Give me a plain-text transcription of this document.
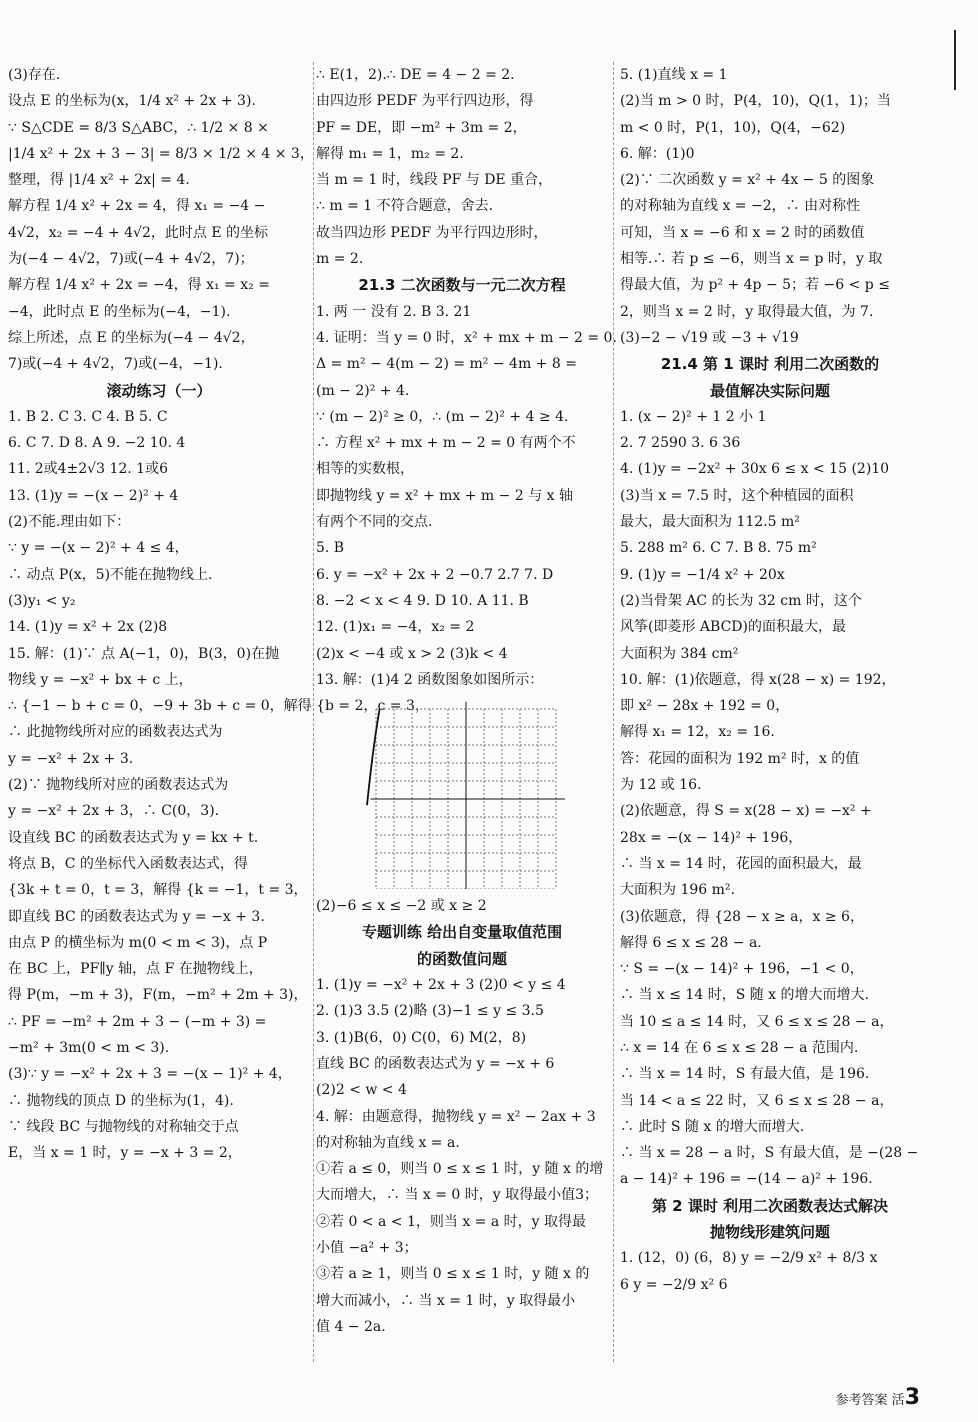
(3)存在.
设点 E 的坐标为(x，1/4 x² + 2x + 3).
∵ S△CDE = 8/3 S△ABC，∴ 1/2 × 8 ×
|1/4 x² + 2x + 3 − 3| = 8/3 × 1/2 × 4 × 3，
整理，得 |1/4 x² + 2x| = 4.
解方程 1/4 x² + 2x = 4，得 x₁ = −4 −
4√2，x₂ = −4 + 4√2，此时点 E 的坐标
为(−4 − 4√2，7)或(−4 + 4√2，7)；
解方程 1/4 x² + 2x = −4，得 x₁ = x₂ =
−4，此时点 E 的坐标为(−4，−1).
综上所述，点 E 的坐标为(−4 − 4√2，
7)或(−4 + 4√2，7)或(−4，−1).
滚动练习（一）
1. B 2. C 3. C 4. B 5. C
6. C 7. D 8. A 9. −2 10. 4
11. 2或4±2√3 12. 1或6
13. (1)y = −(x − 2)² + 4
(2)不能.理由如下：
∵ y = −(x − 2)² + 4 ≤ 4，
∴ 动点 P(x，5)不能在抛物线上.
(3)y₁ < y₂
14. (1)y = x² + 2x (2)8
15. 解：(1)∵ 点 A(−1，0)，B(3，0)在抛
物线 y = −x² + bx + c 上，
∴ {−1 − b + c = 0，−9 + 3b + c = 0，解得 {b = 2，c = 3，
∴ 此抛物线所对应的函数表达式为
y = −x² + 2x + 3.
(2)∵ 抛物线所对应的函数表达式为
y = −x² + 2x + 3，∴ C(0，3).
设直线 BC 的函数表达式为 y = kx + t.
将点 B，C 的坐标代入函数表达式，得
{3k + t = 0，t = 3，解得 {k = −1，t = 3，
即直线 BC 的函数表达式为 y = −x + 3.
由点 P 的横坐标为 m(0 < m < 3)，点 P
在 BC 上，PF∥y 轴，点 F 在抛物线上，
得 P(m，−m + 3)，F(m，−m² + 2m + 3)，
∴ PF = −m² + 2m + 3 − (−m + 3) =
−m² + 3m(0 < m < 3).
(3)∵ y = −x² + 2x + 3 = −(x − 1)² + 4，
∴ 抛物线的顶点 D 的坐标为(1，4).
∵ 线段 BC 与抛物线的对称轴交于点
E，当 x = 1 时，y = −x + 3 = 2，
∴ E(1，2).∴ DE = 4 − 2 = 2.
由四边形 PEDF 为平行四边形，得
PF = DE，即 −m² + 3m = 2，
解得 m₁ = 1，m₂ = 2.
当 m = 1 时，线段 PF 与 DE 重合，
∴ m = 1 不符合题意，舍去.
故当四边形 PEDF 为平行四边形时，
m = 2.
21.3 二次函数与一元二次方程
1. 两 一 没有 2. B 3. 21
4. 证明：当 y = 0 时，x² + mx + m − 2 = 0.
Δ = m² − 4(m − 2) = m² − 4m + 8 =
(m − 2)² + 4.
∵ (m − 2)² ≥ 0，∴ (m − 2)² + 4 ≥ 4.
∴ 方程 x² + mx + m − 2 = 0 有两个不
相等的实数根，
即抛物线 y = x² + mx + m − 2 与 x 轴
有两个不同的交点.
5. B
6. y = −x² + 2x + 2 −0.7 2.7 7. D
8. −2 < x < 4 9. D 10. A 11. B
12. (1)x₁ = −4，x₂ = 2
(2)x < −4 或 x > 2 (3)k < 4
13. 解：(1)4 2 函数图象如图所示：
(2)−6 ≤ x ≤ −2 或 x ≥ 2
专题训练 给出自变量取值范围
的函数值问题
1. (1)y = −x² + 2x + 3 (2)0 < y ≤ 4
2. (1)3 3.5 (2)略 (3)−1 ≤ y ≤ 3.5
3. (1)B(6，0) C(0，6) M(2，8)
直线 BC 的函数表达式为 y = −x + 6
(2)2 < w < 4
4. 解：由题意得，抛物线 y = x² − 2ax + 3
的对称轴为直线 x = a.
①若 a ≤ 0，则当 0 ≤ x ≤ 1 时，y 随 x 的增
大而增大，∴ 当 x = 0 时，y 取得最小值3；
②若 0 < a < 1，则当 x = a 时，y 取得最
小值 −a² + 3；
③若 a ≥ 1，则当 0 ≤ x ≤ 1 时，y 随 x 的
增大而减小，∴ 当 x = 1 时，y 取得最小
值 4 − 2a.
5. (1)直线 x = 1
(2)当 m > 0 时，P(4，10)，Q(1，1)；当
m < 0 时，P(1，10)，Q(4，−62)
6. 解：(1)0
(2)∵ 二次函数 y = x² + 4x − 5 的图象
的对称轴为直线 x = −2，∴ 由对称性
可知，当 x = −6 和 x = 2 时的函数值
相等.∴ 若 p ≤ −6，则当 x = p 时，y 取
得最大值，为 p² + 4p − 5；若 −6 < p ≤
2，则当 x = 2 时，y 取得最大值，为 7.
(3)−2 − √19 或 −3 + √19
21.4 第 1 课时 利用二次函数的
最值解决实际问题
1. (x − 2)² + 1 2 小 1
2. 7 2590 3. 6 36
4. (1)y = −2x² + 30x 6 ≤ x < 15 (2)10
(3)当 x = 7.5 时，这个种植园的面积
最大，最大面积为 112.5 m²
5. 288 m² 6. C 7. B 8. 75 m²
9. (1)y = −1/4 x² + 20x
(2)当骨架 AC 的长为 32 cm 时，这个
风筝(即菱形 ABCD)的面积最大，最
大面积为 384 cm²
10. 解：(1)依题意，得 x(28 − x) = 192，
即 x² − 28x + 192 = 0，
解得 x₁ = 12，x₂ = 16.
答：花园的面积为 192 m² 时，x 的值
为 12 或 16.
(2)依题意，得 S = x(28 − x) = −x² +
28x = −(x − 14)² + 196，
∴ 当 x = 14 时，花园的面积最大，最
大面积为 196 m².
(3)依题意，得 {28 − x ≥ a，x ≥ 6，
解得 6 ≤ x ≤ 28 − a.
∵ S = −(x − 14)² + 196，−1 < 0，
∴ 当 x ≤ 14 时，S 随 x 的增大而增大.
当 10 ≤ a ≤ 14 时，又 6 ≤ x ≤ 28 − a，
∴ x = 14 在 6 ≤ x ≤ 28 − a 范围内.
∴ 当 x = 14 时，S 有最大值，是 196.
当 14 < a ≤ 22 时，又 6 ≤ x ≤ 28 − a，
∴ 此时 S 随 x 的增大而增大.
∴ 当 x = 28 − a 时，S 有最大值，是 −(28 −
a − 14)² + 196 = −(14 − a)² + 196.
第 2 课时 利用二次函数表达式解决
抛物线形建筑问题
1. (12，0) (6，8) y = −2/9 x² + 8/3 x
6 y = −2/9 x² 6
参考答案 活3
